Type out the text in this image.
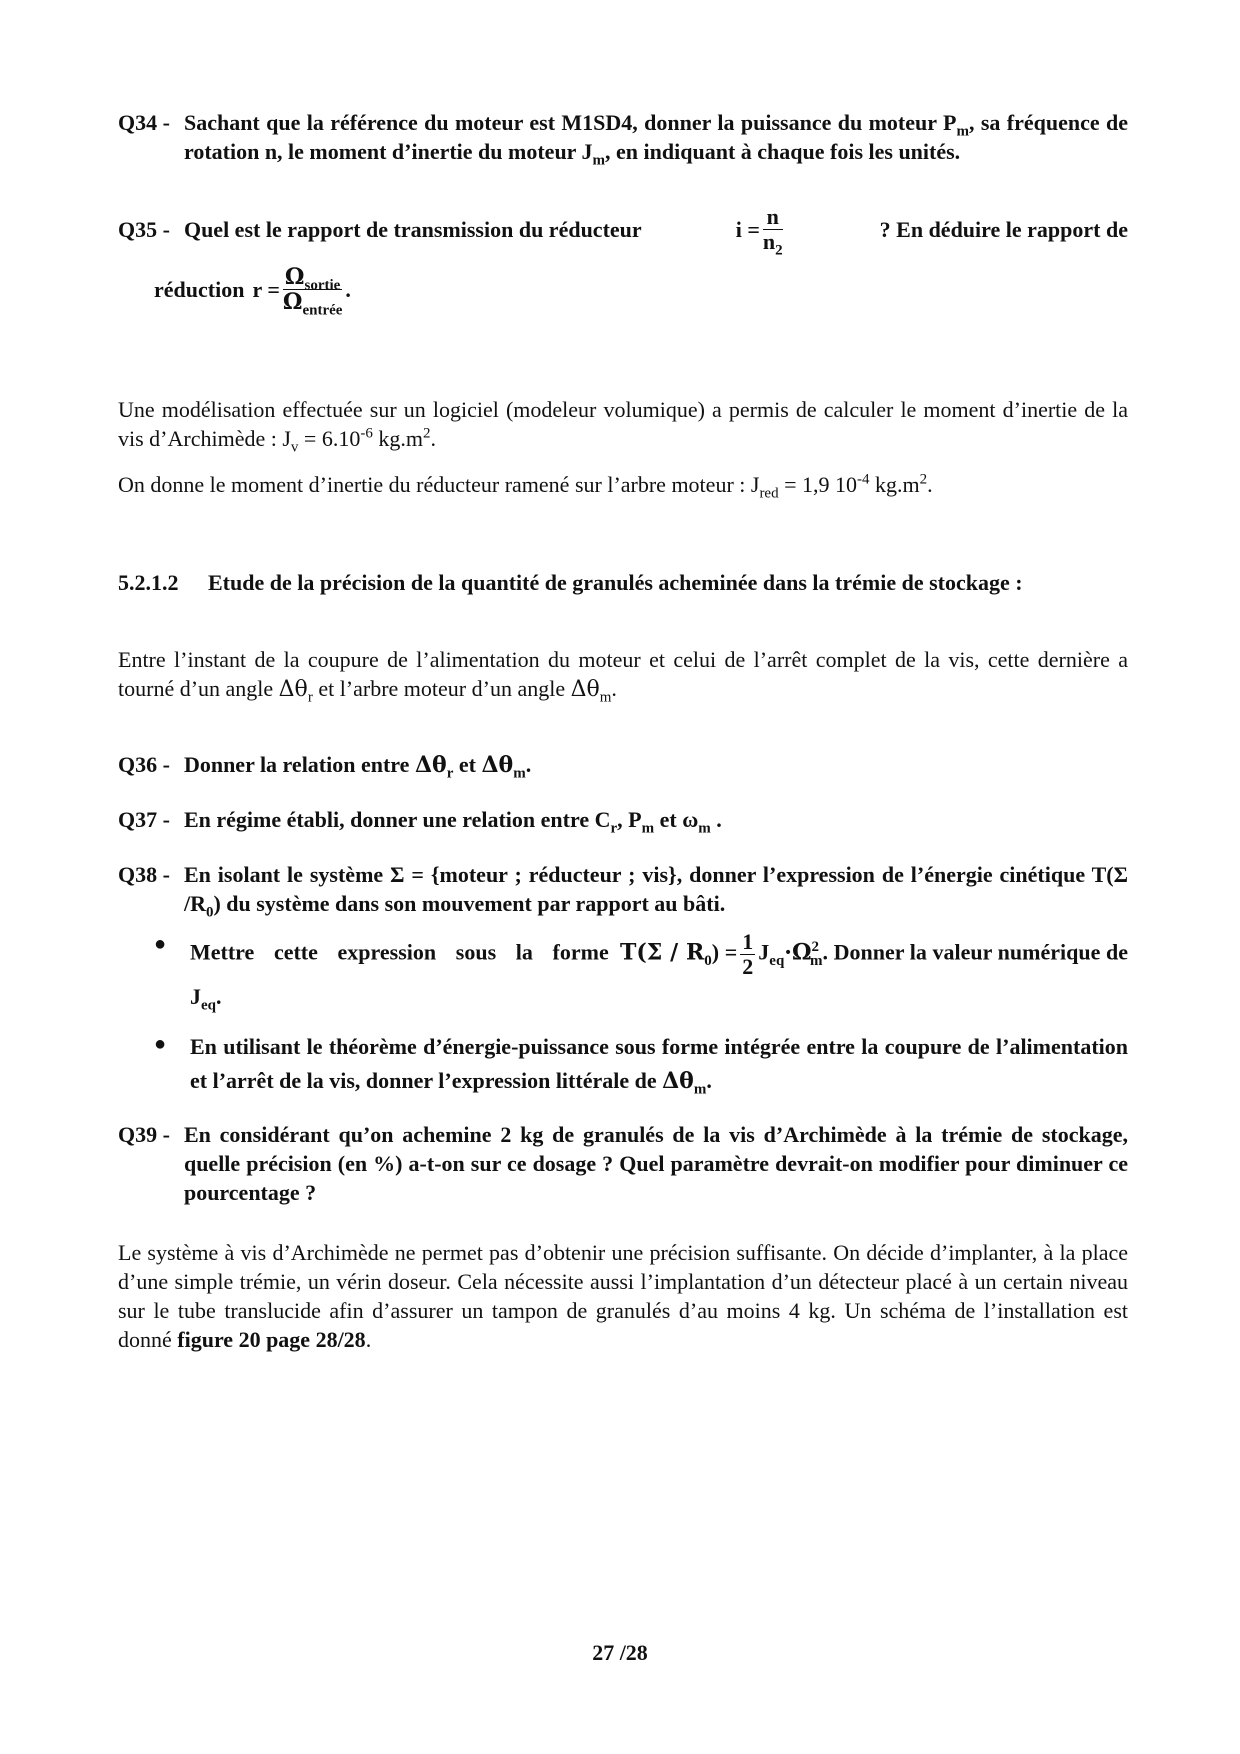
Q34 - Sachant que la référence du moteur est M1SD4, donner la puissance du moteur $P_m$, sa fréquence de rotation n, le moment d’inertie du moteur $J_m$, en indiquant à chaque fois les unités.
Q35 - Quel est le rapport de transmission du réducteur	$i = \frac{n}{n_2}$	? En déduire le rapport de
réduction $r = \frac{\Omega_{sortie}}{\Omega_{entrée}}$ .
Une modélisation effectuée sur un logiciel (modeleur volumique) a permis de calculer le moment d’inertie de la vis d’Archimède : $J_v = 6.10^{-6}$ $kg.m^2$.
On donne le moment d’inertie du réducteur ramené sur l’arbre moteur : $J_{red} = 1,9$ $10^{-4}$ $kg.m^2$.
5.2.1.2	Etude de la précision de la quantité de granulés acheminée dans la trémie de stockage :
Entre l’instant de la coupure de l’alimentation du moteur et celui de l’arrêt complet de la vis, cette dernière a tourné d’un angle $\Delta\theta_r$ et l’arbre moteur d’un angle $\Delta\theta_m$.
Q36 - Donner la relation entre $\Delta\theta_r$ et $\Delta\theta_m$.
Q37 - En régime établi, donner une relation entre $C_r$, $P_m$ et $\omega_m$ .
Q38 - En isolant le système Σ = {moteur ; réducteur ; vis}, donner l’expression de l’énergie cinétique T(Σ $/R_0$) du système dans son mouvement par rapport au bâti.
●	Mettre cette expression sous la forme $T(\Sigma / R_0) = \frac{1}{2} J_{eq}\cdot\Omega^2_m$. Donner la valeur numérique de $J_{eq}$.
●	En utilisant le théorème d’énergie-puissance sous forme intégrée entre la coupure de l’alimentation et l’arrêt de la vis, donner l’expression littérale de $\Delta\theta_m$.
Q39 - En considérant qu’on achemine 2 kg de granulés de la vis d’Archimède à la trémie de stockage, quelle précision (en %) a-t-on sur ce dosage ? Quel paramètre devrait-on modifier pour diminuer ce pourcentage ?
Le système à vis d’Archimède ne permet pas d’obtenir une précision suffisante. On décide d’implanter, à la place d’une simple trémie, un vérin doseur. Cela nécessite aussi l’implantation d’un détecteur placé à un certain niveau sur le tube translucide afin d’assurer un tampon de granulés d’au moins 4 kg. Un schéma de l’installation est donné figure 20 page 28/28.
27 /28
